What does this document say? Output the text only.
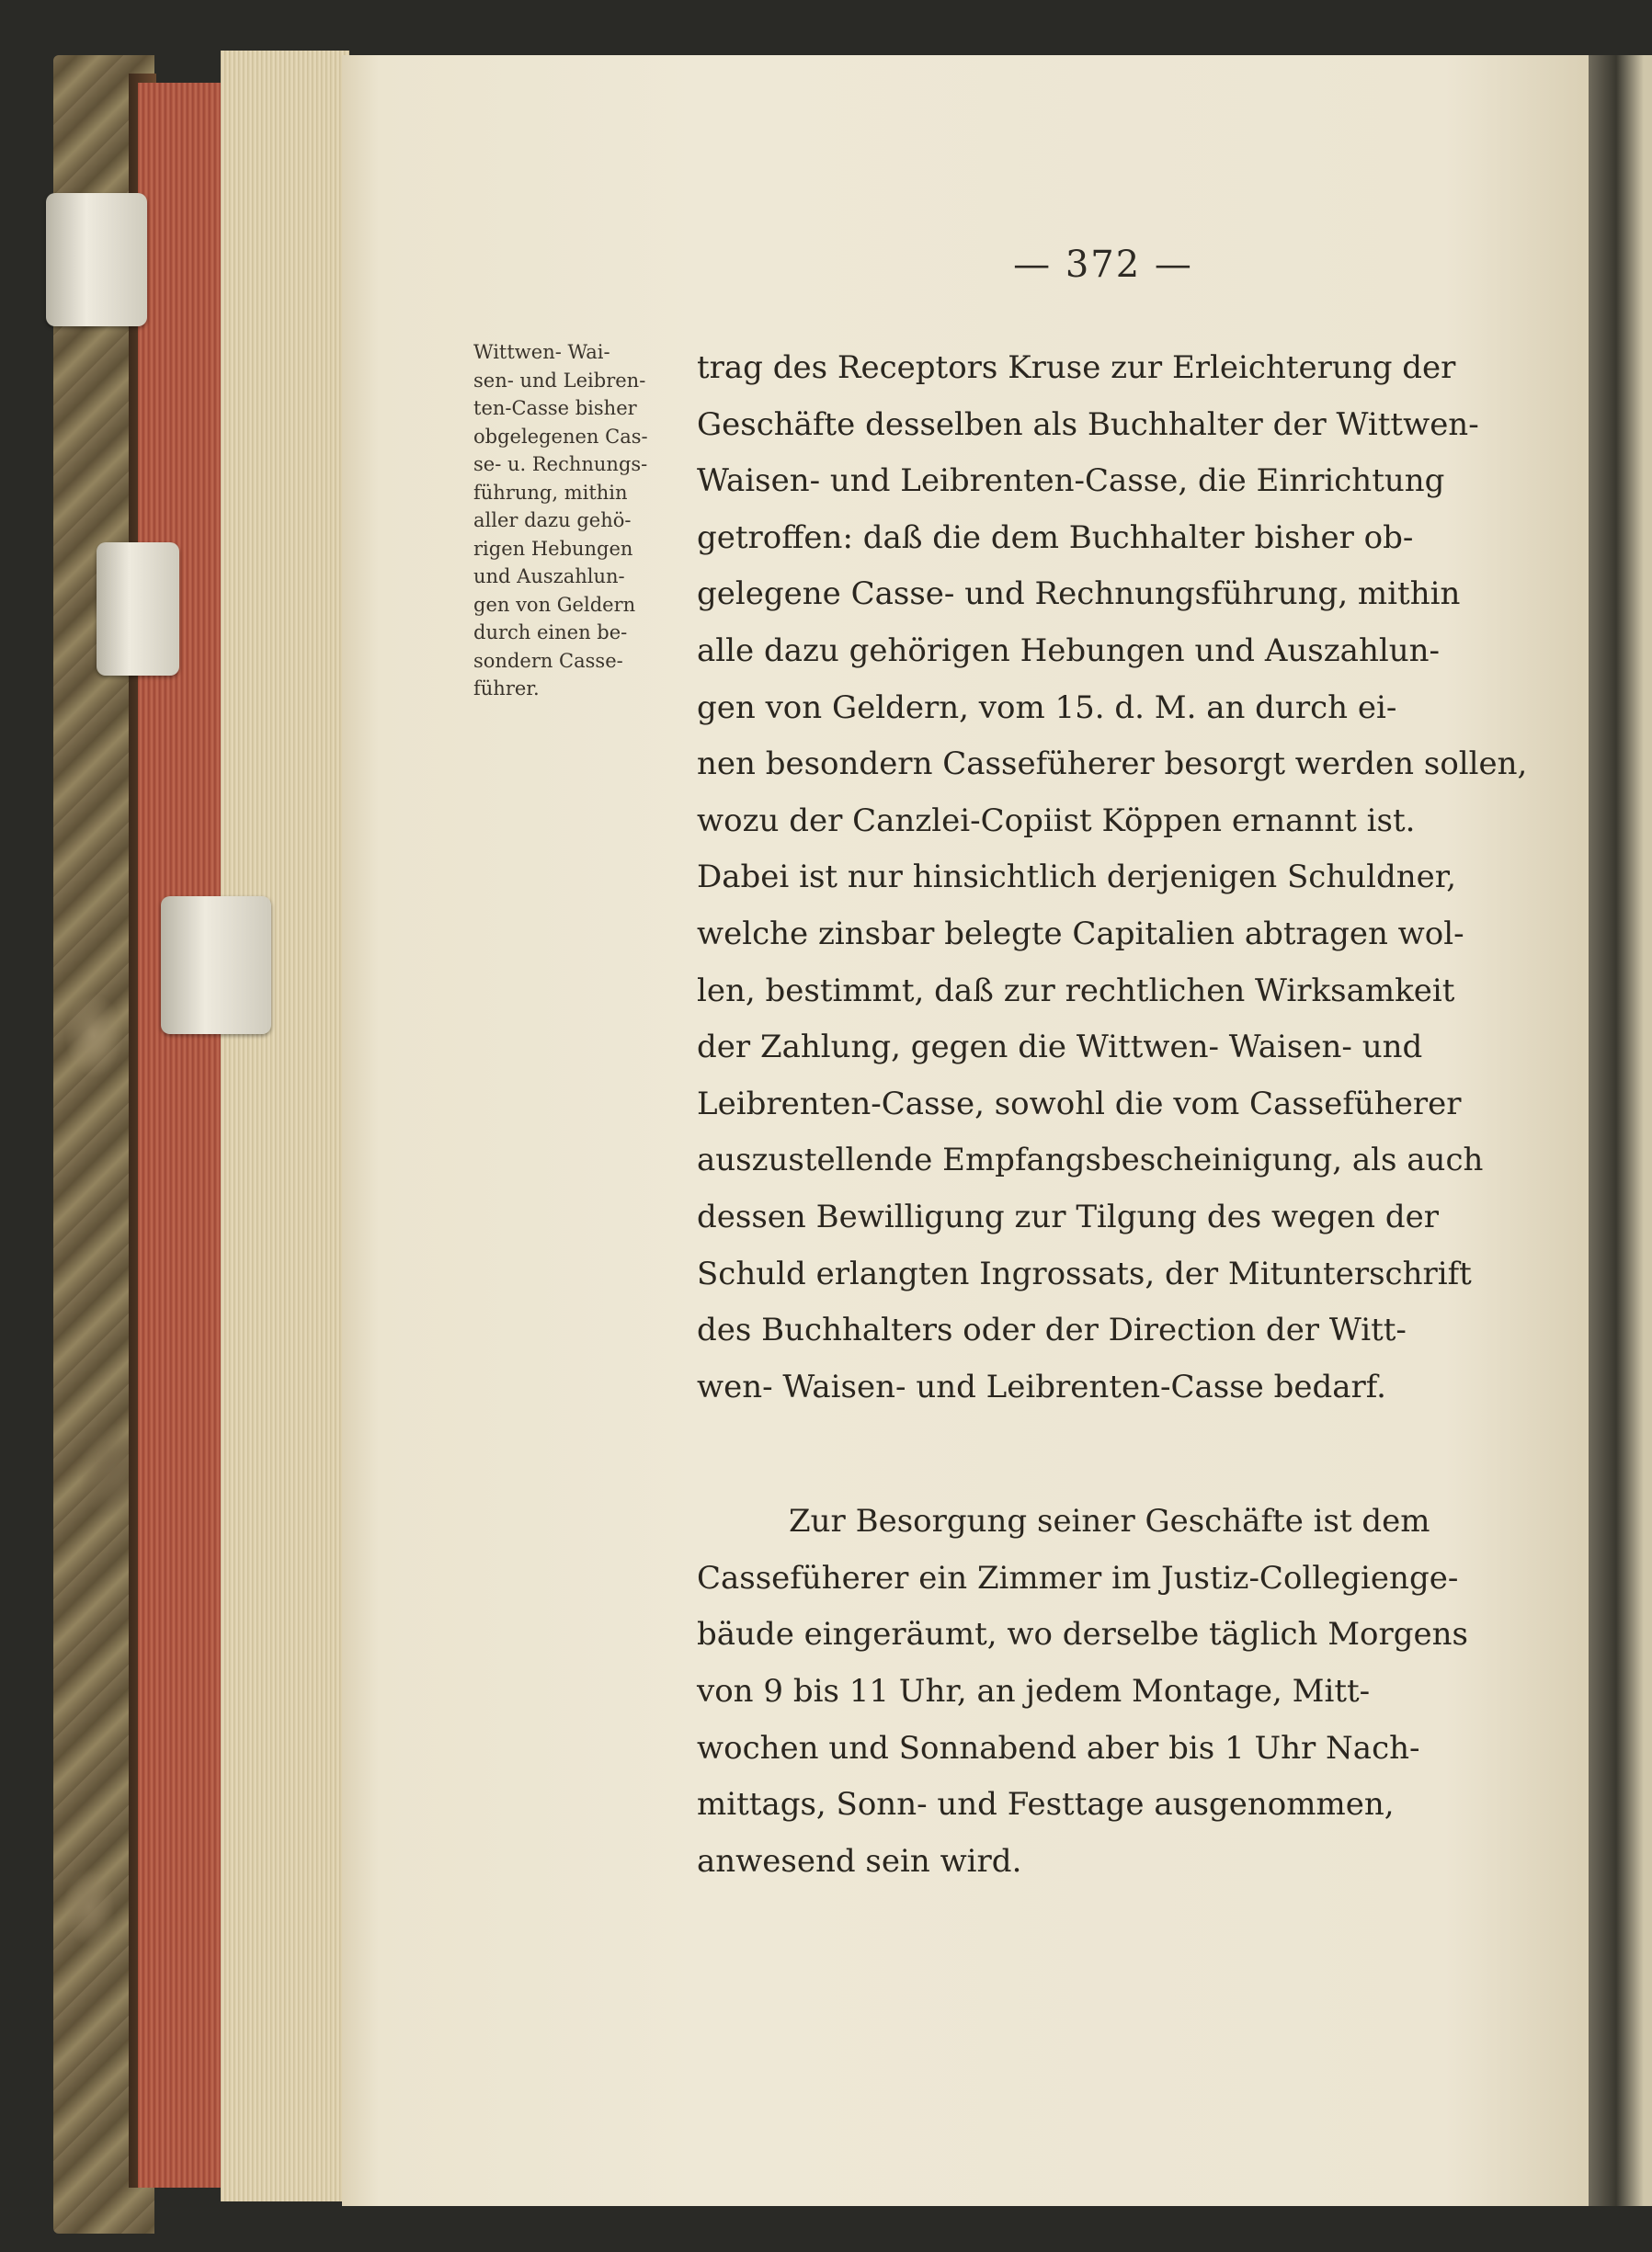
— 372 —
Wittwen- Wai-
sen- und Leibren-
ten-Casse bisher
obgelegenen Cas-
se- u. Rechnungs-
führung, mithin
aller dazu gehö-
rigen Hebungen
und Auszahlun-
gen von Geldern
durch einen be-
sondern Casse-
führer.
trag des Receptors Kruse zur Erleichterung der
Geschäfte desselben als Buchhalter der Wittwen-
Waisen- und Leibrenten-Casse, die Einrichtung
getroffen: daß die dem Buchhalter bisher ob-
gelegene Casse- und Rechnungsführung, mithin
alle dazu gehörigen Hebungen und Auszahlun-
gen von Geldern, vom 15. d. M. an durch ei-
nen besondern Cassefüherer besorgt werden sollen,
wozu der Canzlei-Copiist Köppen ernannt ist.
Dabei ist nur hinsichtlich derjenigen Schuldner,
welche zinsbar belegte Capitalien abtragen wol-
len, bestimmt, daß zur rechtlichen Wirksamkeit
der Zahlung, gegen die Wittwen- Waisen- und
Leibrenten-Casse, sowohl die vom Cassefüherer
auszustellende Empfangsbescheinigung, als auch
dessen Bewilligung zur Tilgung des wegen der
Schuld erlangten Ingrossats, der Mitunterschrift
des Buchhalters oder der Direction der Witt-
wen- Waisen- und Leibrenten-Casse bedarf.
Zur Besorgung seiner Geschäfte ist dem
Cassefüherer ein Zimmer im Justiz-Collegienge-
bäude eingeräumt, wo derselbe täglich Morgens
von 9 bis 11 Uhr, an jedem Montage, Mitt-
wochen und Sonnabend aber bis 1 Uhr Nach-
mittags, Sonn- und Festtage ausgenommen,
anwesend sein wird.
